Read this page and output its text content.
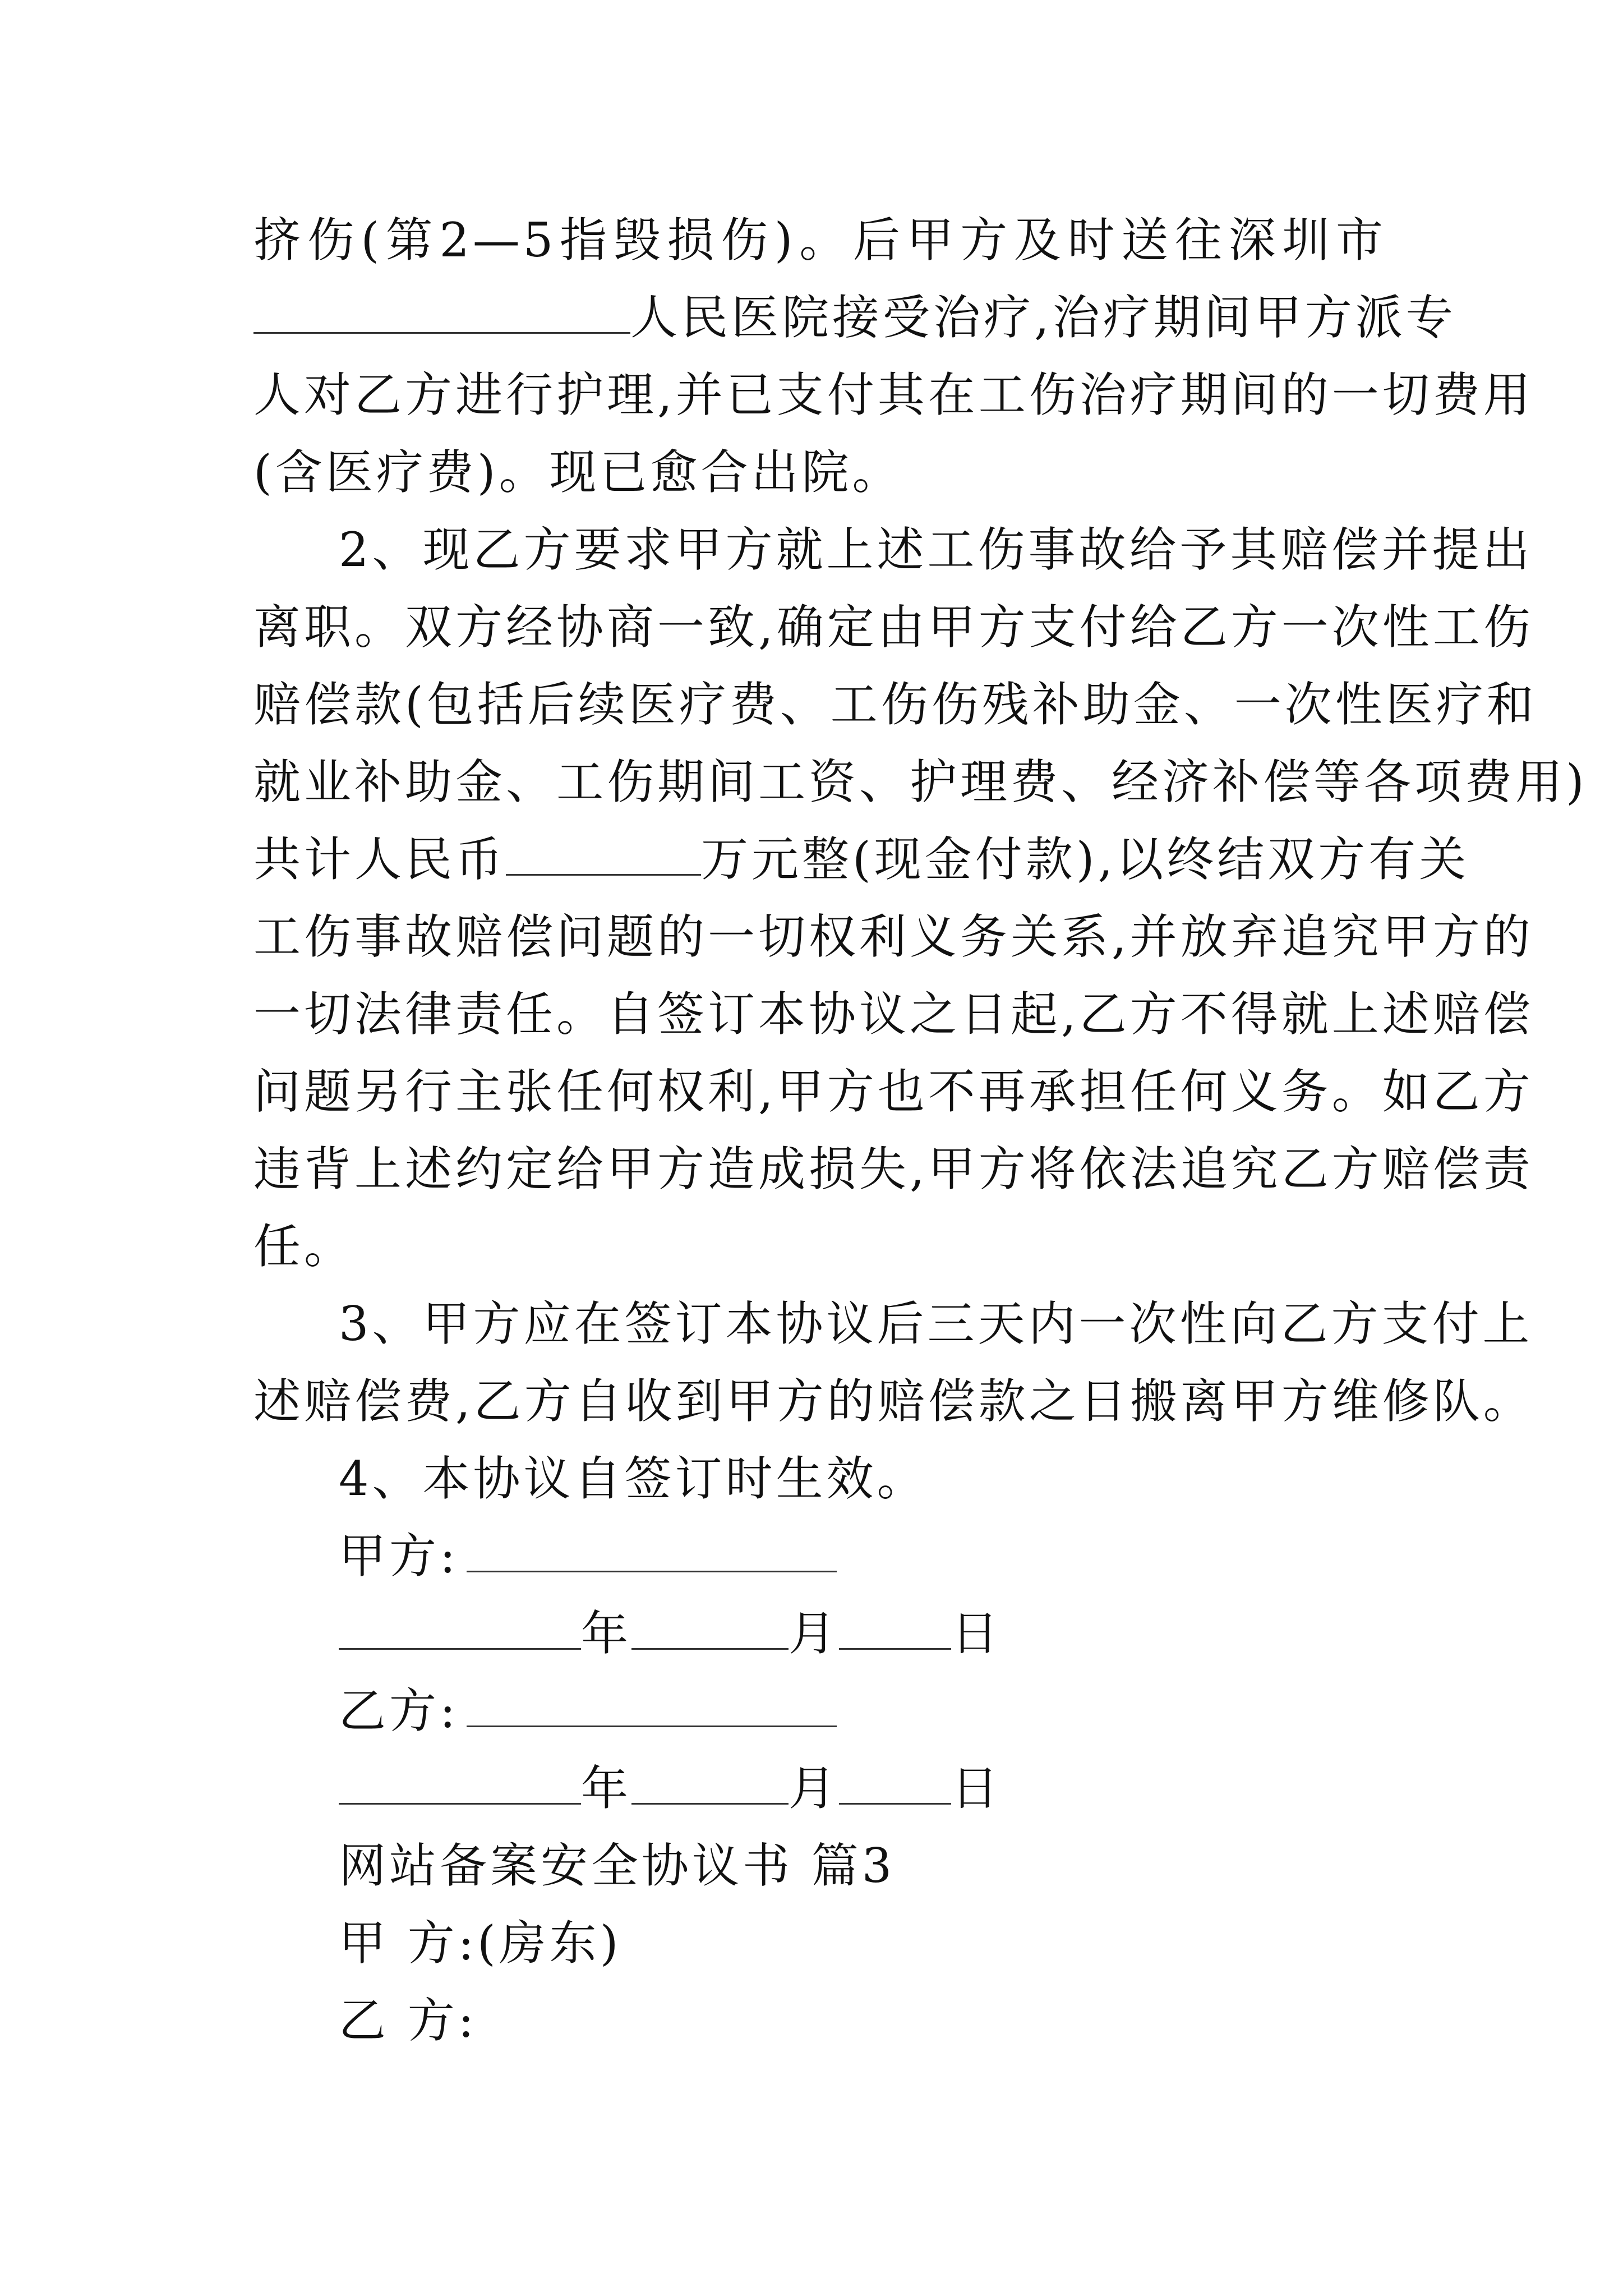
挤伤(第2—5指毁损伤)。后甲方及时送往深圳市
人民医院接受治疗,治疗期间甲方派专
人对乙方进行护理,并已支付其在工伤治疗期间的一切费用
(含医疗费)。现已愈合出院。
2、现乙方要求甲方就上述工伤事故给予其赔偿并提出
离职。双方经协商一致,确定由甲方支付给乙方一次性工伤
赔偿款(包括后续医疗费、工伤伤残补助金、一次性医疗和
就业补助金、工伤期间工资、护理费、经济补偿等各项费用)
共计人民币	万元整(现金付款),以终结双方有关
工伤事故赔偿问题的一切权利义务关系,并放弃追究甲方的
一切法律责任。自签订本协议之日起,乙方不得就上述赔偿
问题另行主张任何权利,甲方也不再承担任何义务。如乙方
违背上述约定给甲方造成损失,甲方将依法追究乙方赔偿责
任。
3、甲方应在签订本协议后三天内一次性向乙方支付上
述赔偿费,乙方自收到甲方的赔偿款之日搬离甲方维修队。
4、本协议自签订时生效。
甲方:
年	月 日
乙方:
年	月 日
网站备案安全协议书 篇3
甲 方:(房东)
乙 方:
